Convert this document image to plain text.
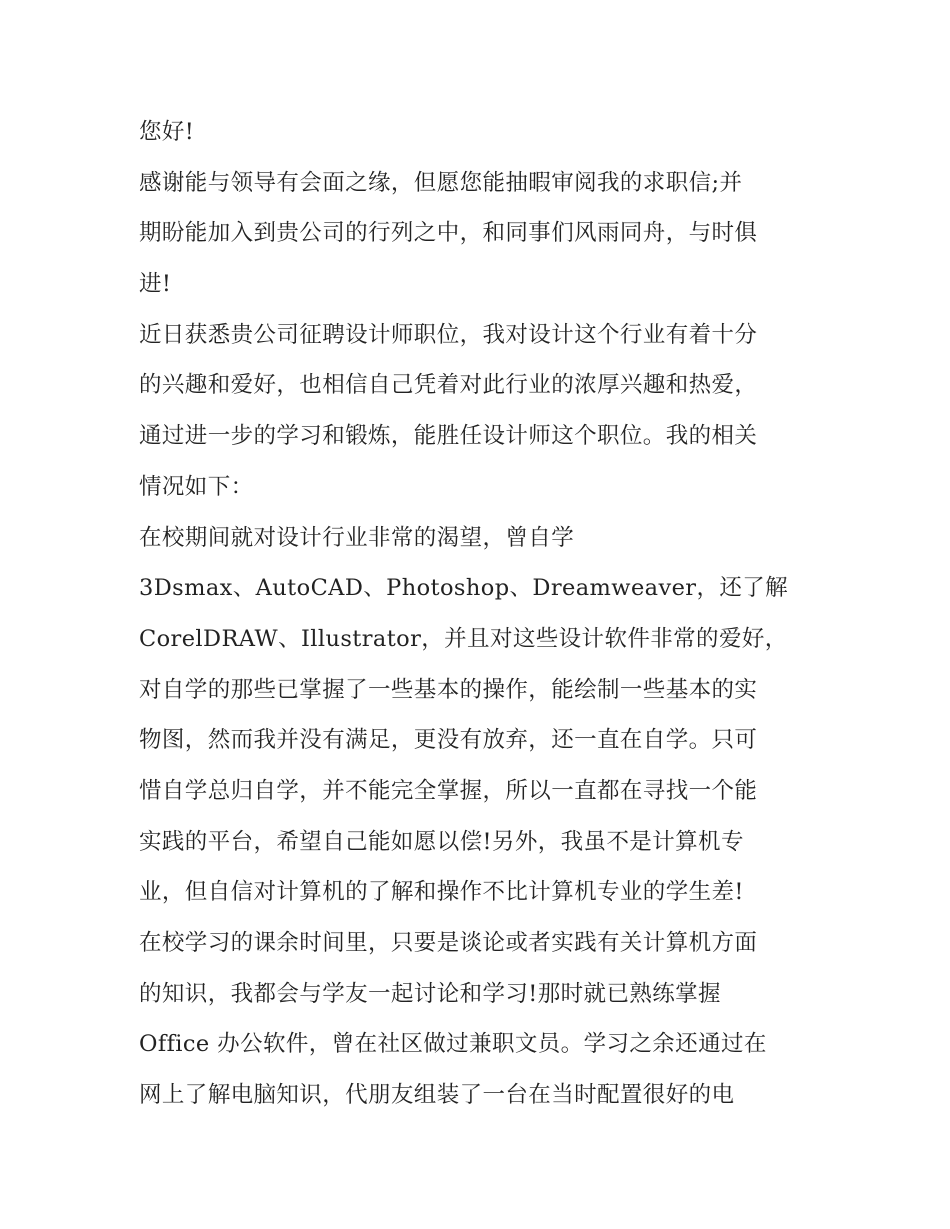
您好!
感谢能与领导有会面之缘，但愿您能抽暇审阅我的求职信;并
期盼能加入到贵公司的行列之中，和同事们风雨同舟，与时俱
进!
近日获悉贵公司征聘设计师职位，我对设计这个行业有着十分
的兴趣和爱好，也相信自己凭着对此行业的浓厚兴趣和热爱，
通过进一步的学习和锻炼，能胜任设计师这个职位。我的相关
情况如下：
在校期间就对设计行业非常的渴望，曾自学
3Dsmax、AutoCAD、Photoshop、Dreamweaver，还了解
CorelDRAW、Illustrator，并且对这些设计软件非常的爱好，
对自学的那些已掌握了一些基本的操作，能绘制一些基本的实
物图，然而我并没有满足，更没有放弃，还一直在自学。只可
惜自学总归自学，并不能完全掌握，所以一直都在寻找一个能
实践的平台，希望自己能如愿以偿!另外，我虽不是计算机专
业，但自信对计算机的了解和操作不比计算机专业的学生差!
在校学习的课余时间里，只要是谈论或者实践有关计算机方面
的知识，我都会与学友一起讨论和学习!那时就已熟练掌握
Office 办公软件，曾在社区做过兼职文员。学习之余还通过在
网上了解电脑知识，代朋友组装了一台在当时配置很好的电
